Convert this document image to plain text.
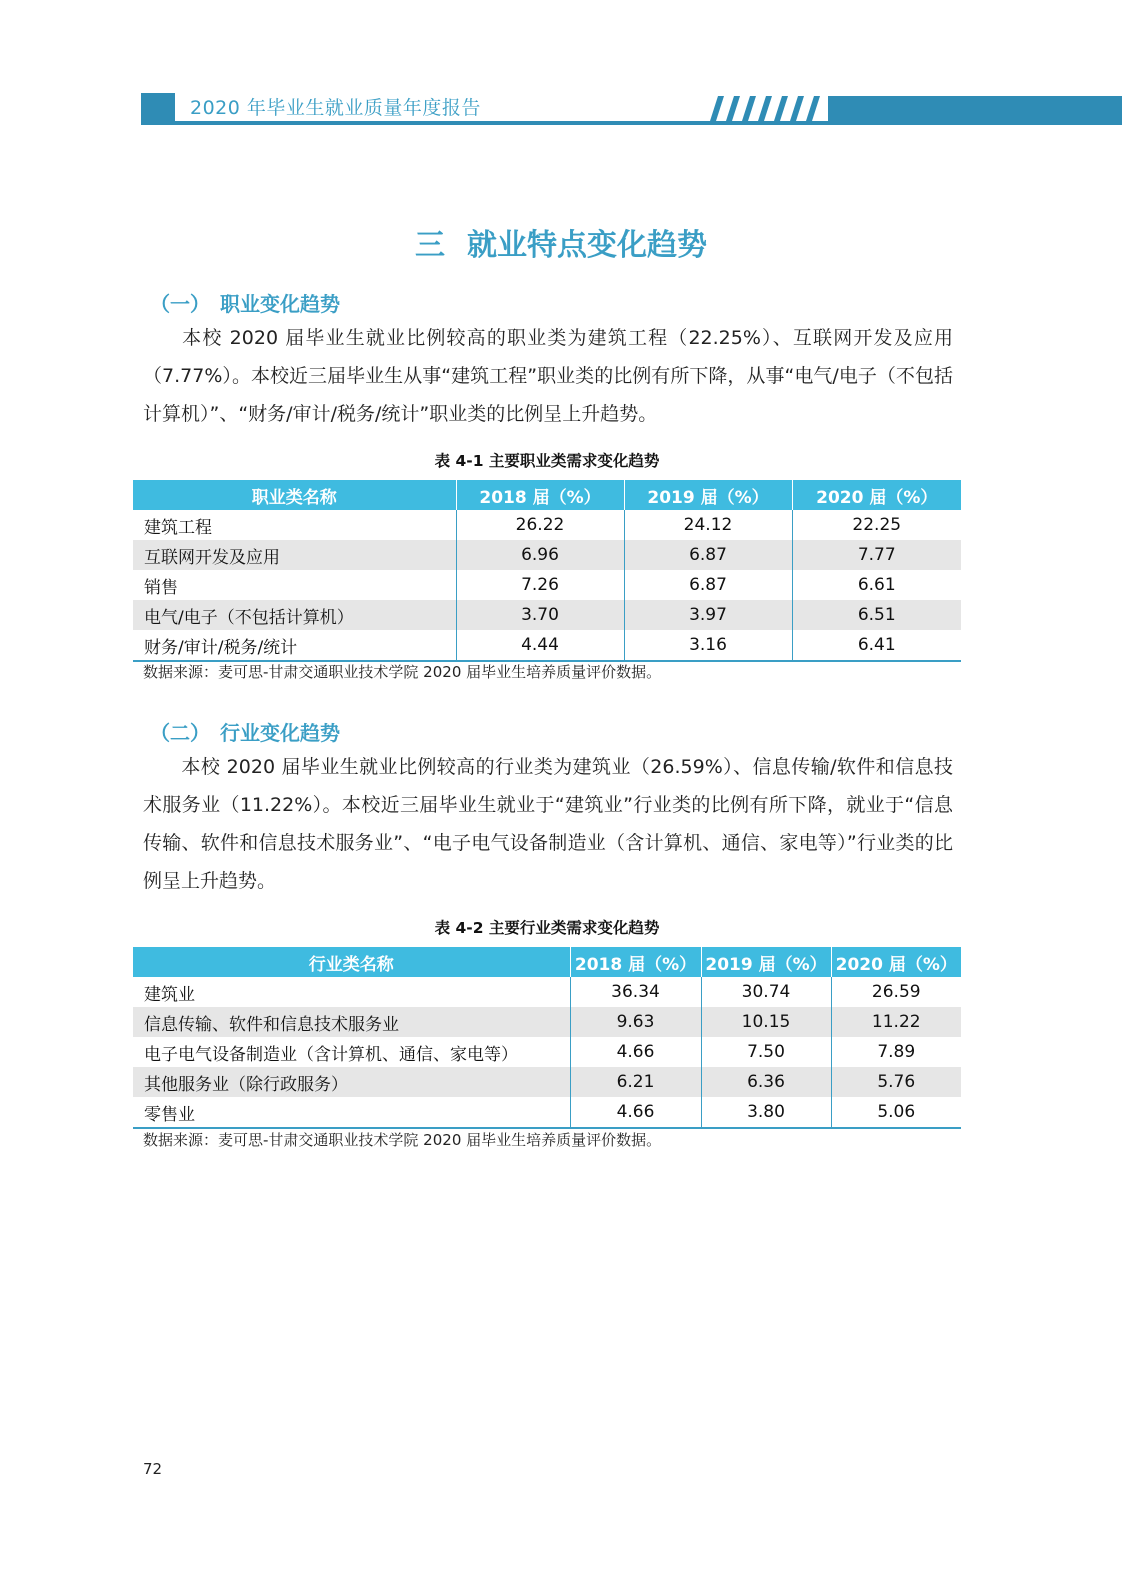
2020 年毕业生就业质量年度报告
三 就业特点变化趋势
（一） 职业变化趋势
本校 2020 届毕业生就业比例较高的职业类为建筑工程（22.25%）、互联网开发及应用（7.77%）。本校近三届毕业生从事“建筑工程”职业类的比例有所下降，从事“电气/电子（不包括计算机）”、“财务/审计/税务/统计”职业类的比例呈上升趋势。
表 4-1 主要职业类需求变化趋势
职业类名称	2018 届（%）	2019 届（%）	2020 届（%）
建筑工程	26.22	24.12	22.25
互联网开发及应用	6.96	6.87	7.77
销售	7.26	6.87	6.61
电气/电子（不包括计算机）	3.70	3.97	6.51
财务/审计/税务/统计	4.44	3.16	6.41
数据来源：麦可思-甘肃交通职业技术学院 2020 届毕业生培养质量评价数据。
（二） 行业变化趋势
本校 2020 届毕业生就业比例较高的行业类为建筑业（26.59%）、信息传输/软件和信息技术服务业（11.22%）。本校近三届毕业生就业于“建筑业”行业类的比例有所下降，就业于“信息传输、软件和信息技术服务业”、“电子电气设备制造业（含计算机、通信、家电等）”行业类的比例呈上升趋势。
表 4-2 主要行业类需求变化趋势
行业类名称	2018 届（%）	2019 届（%）	2020 届（%）
建筑业	36.34	30.74	26.59
信息传输、软件和信息技术服务业	9.63	10.15	11.22
电子电气设备制造业（含计算机、通信、家电等）	4.66	7.50	7.89
其他服务业（除行政服务）	6.21	6.36	5.76
零售业	4.66	3.80	5.06
数据来源：麦可思-甘肃交通职业技术学院 2020 届毕业生培养质量评价数据。
72
